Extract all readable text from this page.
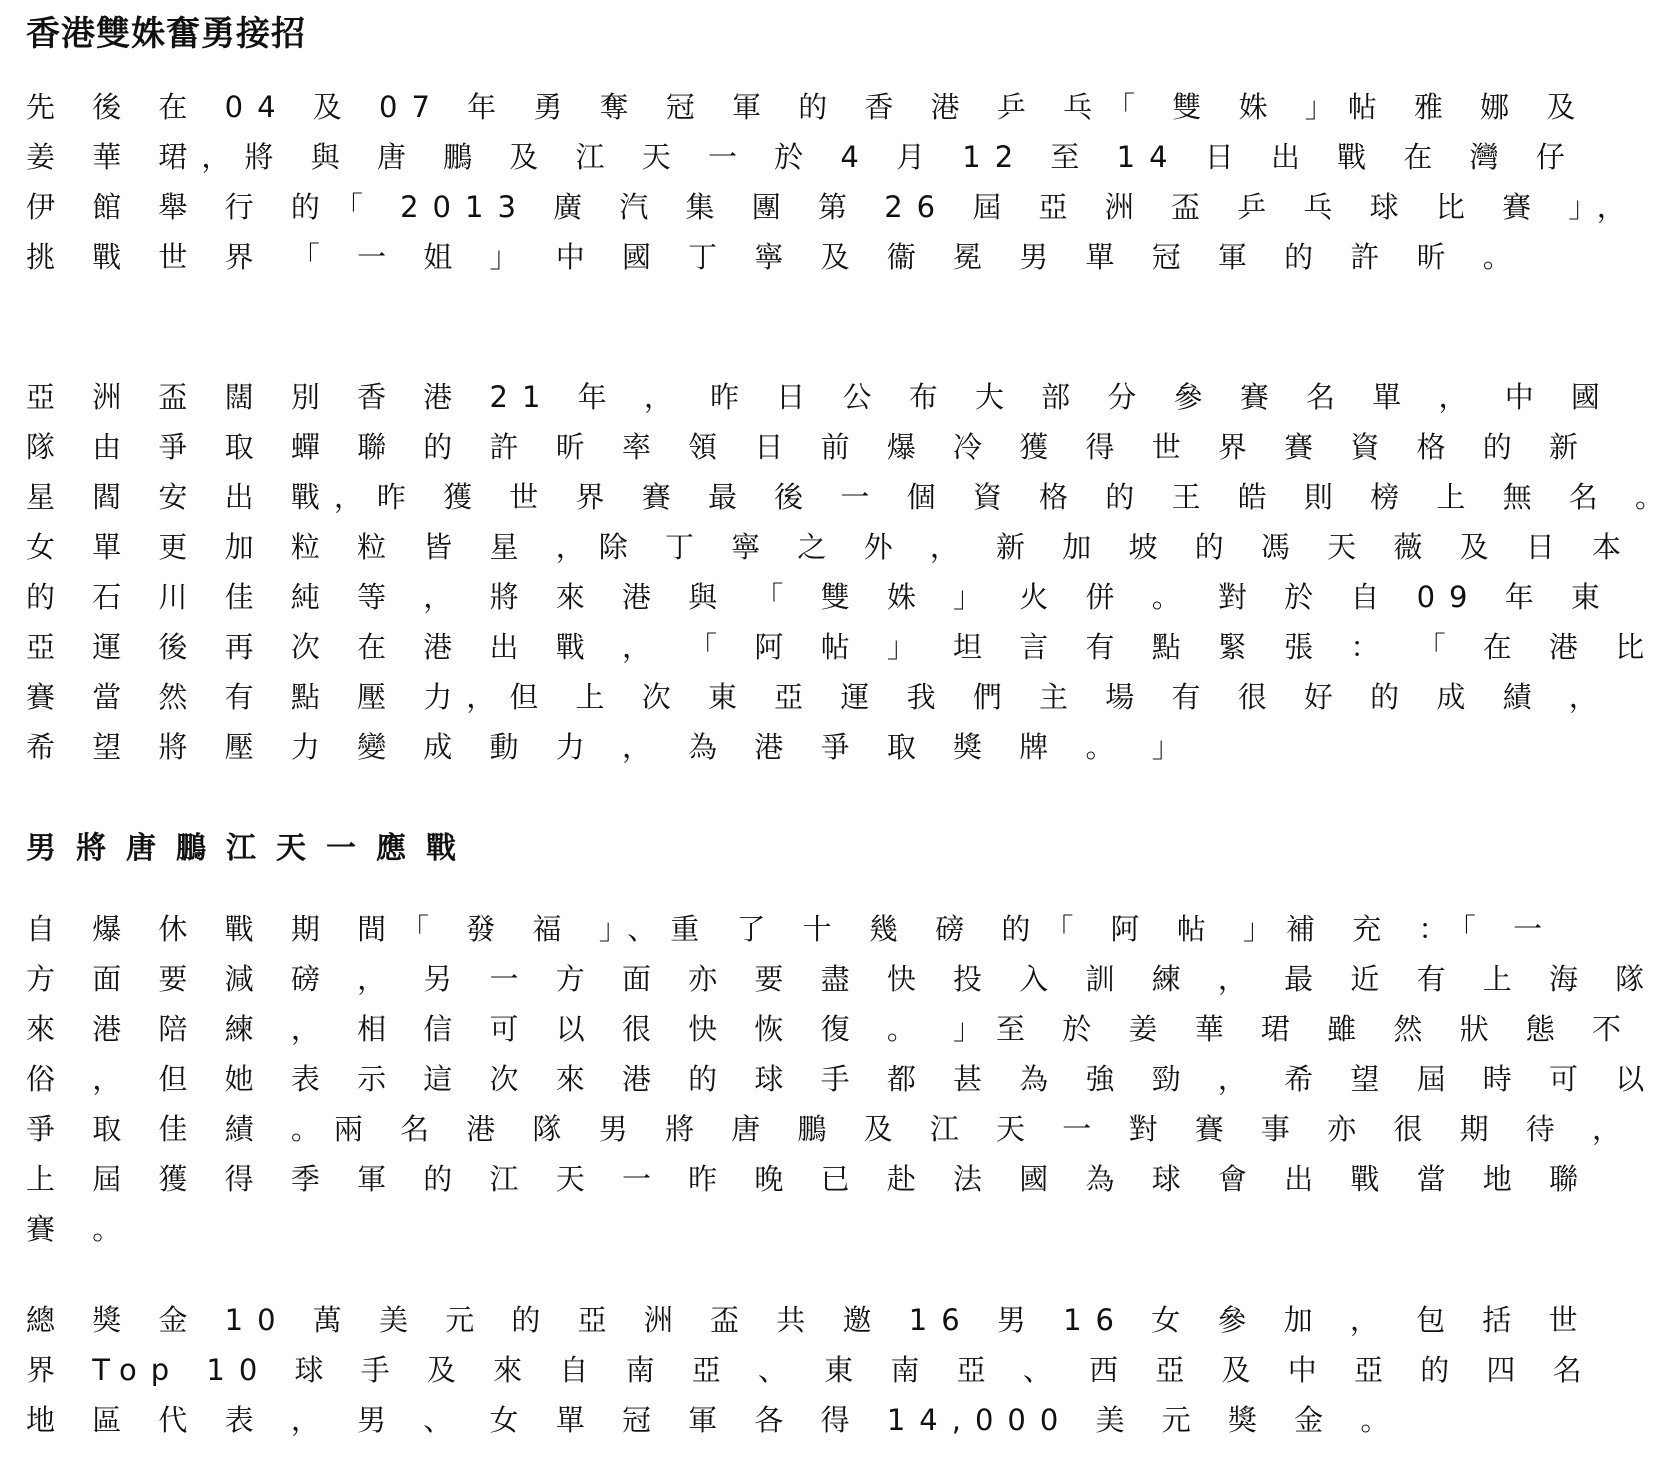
香港雙姝奮勇接招
先 後 在 04 及 07 年 勇 奪 冠 軍 的 香 港 乒 乓「 雙 姝 」帖 雅 娜 及
姜 華 珺，將 與 唐 鵬 及 江 天 一 於 4 月 12 至 14 日 出 戰 在 灣 仔
伊 館 舉 行 的「 2013 廣 汽 集 團 第 26 屆 亞 洲 盃 乒 乓 球 比 賽 」，
挑 戰 世 界 「 一 姐 」 中 國 丁 寧 及 衞 冕 男 單 冠 軍 的 許 昕 。
亞 洲 盃 闊 別 香 港 21 年 ， 昨 日 公 布 大 部 分 參 賽 名 單 ， 中 國
隊 由 爭 取 蟬 聯 的 許 昕 率 領 日 前 爆 冷 獲 得 世 界 賽 資 格 的 新
星 閻 安 出 戰，昨 獲 世 界 賽 最 後 一 個 資 格 的 王 皓 則 榜 上 無 名 。
女 單 更 加 粒 粒 皆 星 ，除 丁 寧 之 外 ， 新 加 坡 的 馮 天 薇 及 日 本
的 石 川 佳 純 等 ， 將 來 港 與 「 雙 姝 」 火 併 。 對 於 自 09 年 東
亞 運 後 再 次 在 港 出 戰 ， 「 阿 帖 」 坦 言 有 點 緊 張 ： 「 在 港 比
賽 當 然 有 點 壓 力，但 上 次 東 亞 運 我 們 主 場 有 很 好 的 成 績 ，
希 望 將 壓 力 變 成 動 力 ， 為 港 爭 取 獎 牌 。 」
男將唐鵬江天一應戰
自 爆 休 戰 期 間「 發 福 」、重 了 十 幾 磅 的「 阿 帖 」補 充 ：「 一
方 面 要 減 磅 ， 另 一 方 面 亦 要 盡 快 投 入 訓 練 ， 最 近 有 上 海 隊
來 港 陪 練 ， 相 信 可 以 很 快 恢 復 。 」至 於 姜 華 珺 雖 然 狀 態 不
俗 ， 但 她 表 示 這 次 來 港 的 球 手 都 甚 為 強 勁 ， 希 望 屆 時 可 以
爭 取 佳 績 。兩 名 港 隊 男 將 唐 鵬 及 江 天 一 對 賽 事 亦 很 期 待 ，
上 屆 獲 得 季 軍 的 江 天 一 昨 晚 已 赴 法 國 為 球 會 出 戰 當 地 聯
賽 。
總 獎 金 10 萬 美 元 的 亞 洲 盃 共 邀 16 男 16 女 參 加 ， 包 括 世
界 Top 10 球 手 及 來 自 南 亞 、 東 南 亞 、 西 亞 及 中 亞 的 四 名
地 區 代 表 ， 男 、 女 單 冠 軍 各 得 14,000 美 元 獎 金 。
